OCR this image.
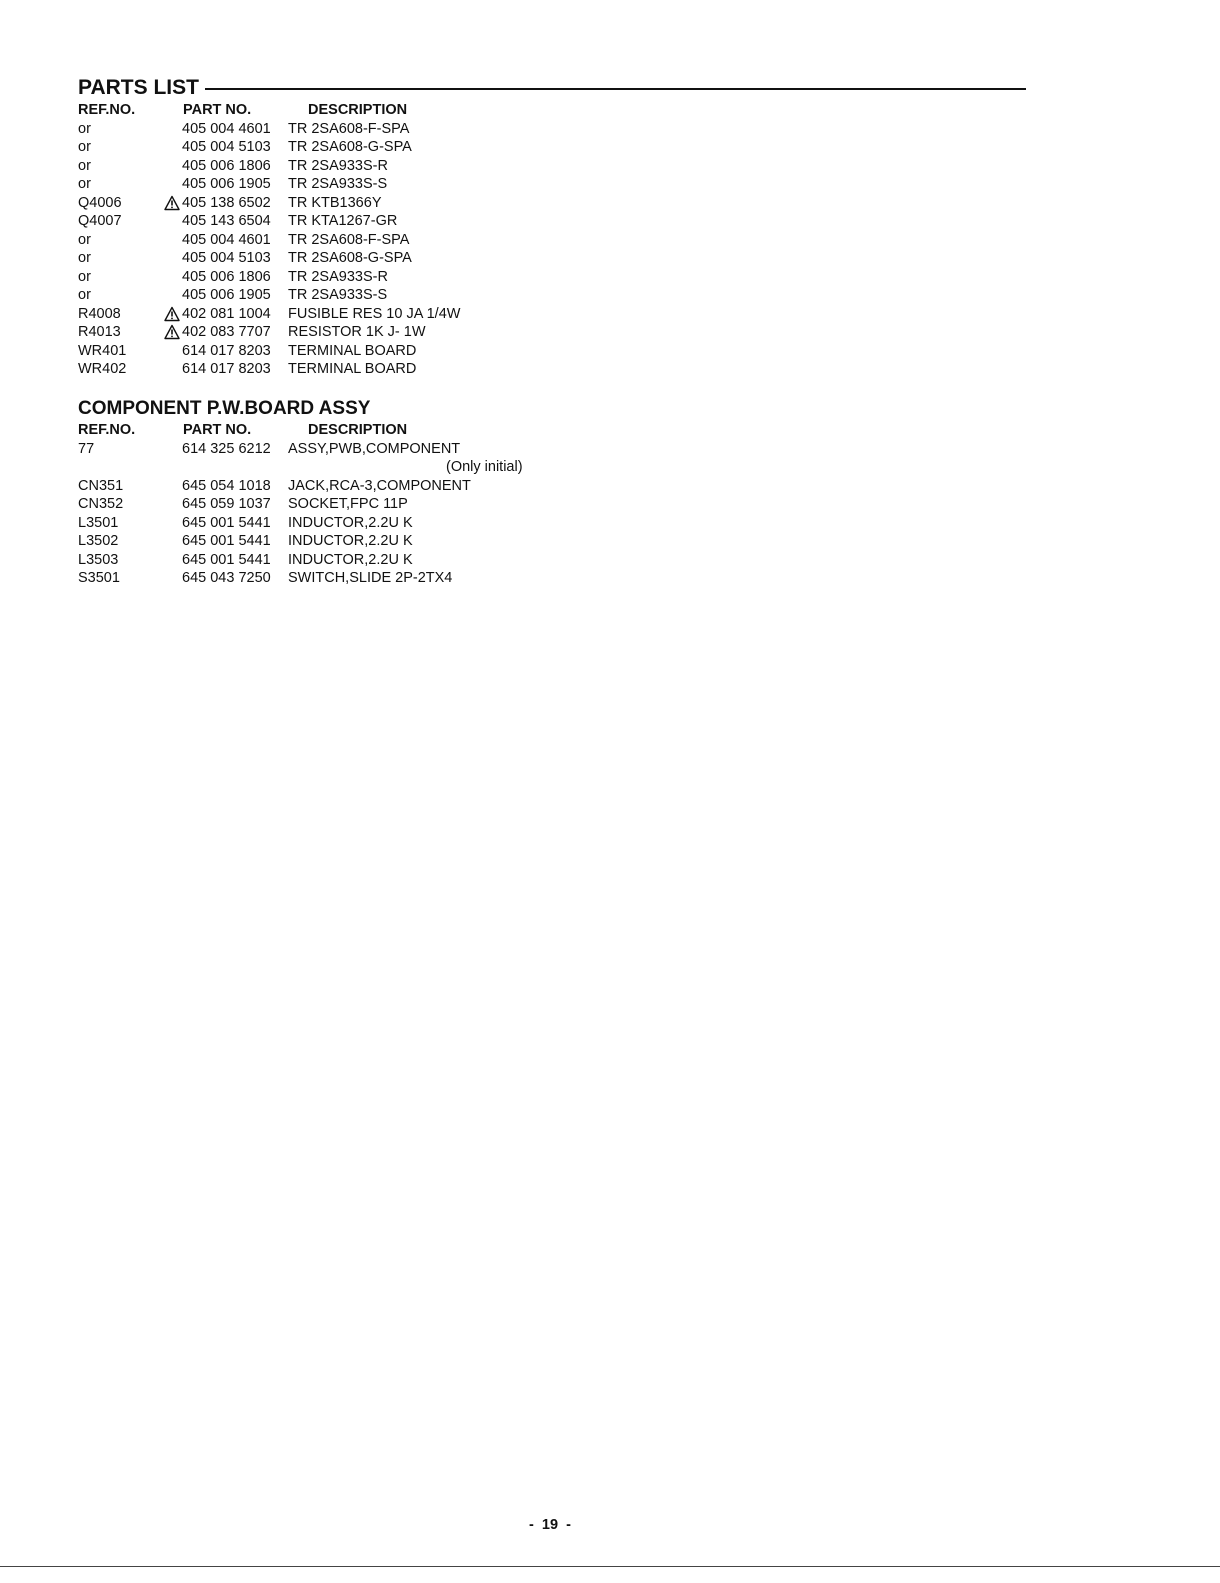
PARTS LIST
REF.NO.	PART NO.	DESCRIPTION
or	405 004 4601 TR 2SA608-F-SPA
or	405 004 5103 TR 2SA608-G-SPA
or	405 006 1806 TR 2SA933S-R
or	405 006 1905 TR 2SA933S-S
Q4006	405 138 6502 TR KTB1366Y
Q4007	405 143 6504 TR KTA1267-GR
or	405 004 4601 TR 2SA608-F-SPA
or	405 004 5103 TR 2SA608-G-SPA
or	405 006 1806 TR 2SA933S-R
or	405 006 1905 TR 2SA933S-S
R4008	402 081 1004 FUSIBLE RES 10 JA 1/4W
R4013	402 083 7707 RESISTOR 1K J- 1W
WR401	614 017 8203 TERMINAL BOARD
WR402	614 017 8203 TERMINAL BOARD
COMPONENT P.W.BOARD ASSY
REF.NO.	PART NO.	DESCRIPTION
77	614 325 6212 ASSY,PWB,COMPONENT
(Only initial)
CN351	645 054 1018 JACK,RCA-3,COMPONENT
CN352	645 059 1037 SOCKET,FPC 11P
L3501	645 001 5441 INDUCTOR,2.2U K
L3502	645 001 5441 INDUCTOR,2.2U K
L3503	645 001 5441 INDUCTOR,2.2U K
S3501	645 043 7250 SWITCH,SLIDE 2P-2TX4
-  19  -
